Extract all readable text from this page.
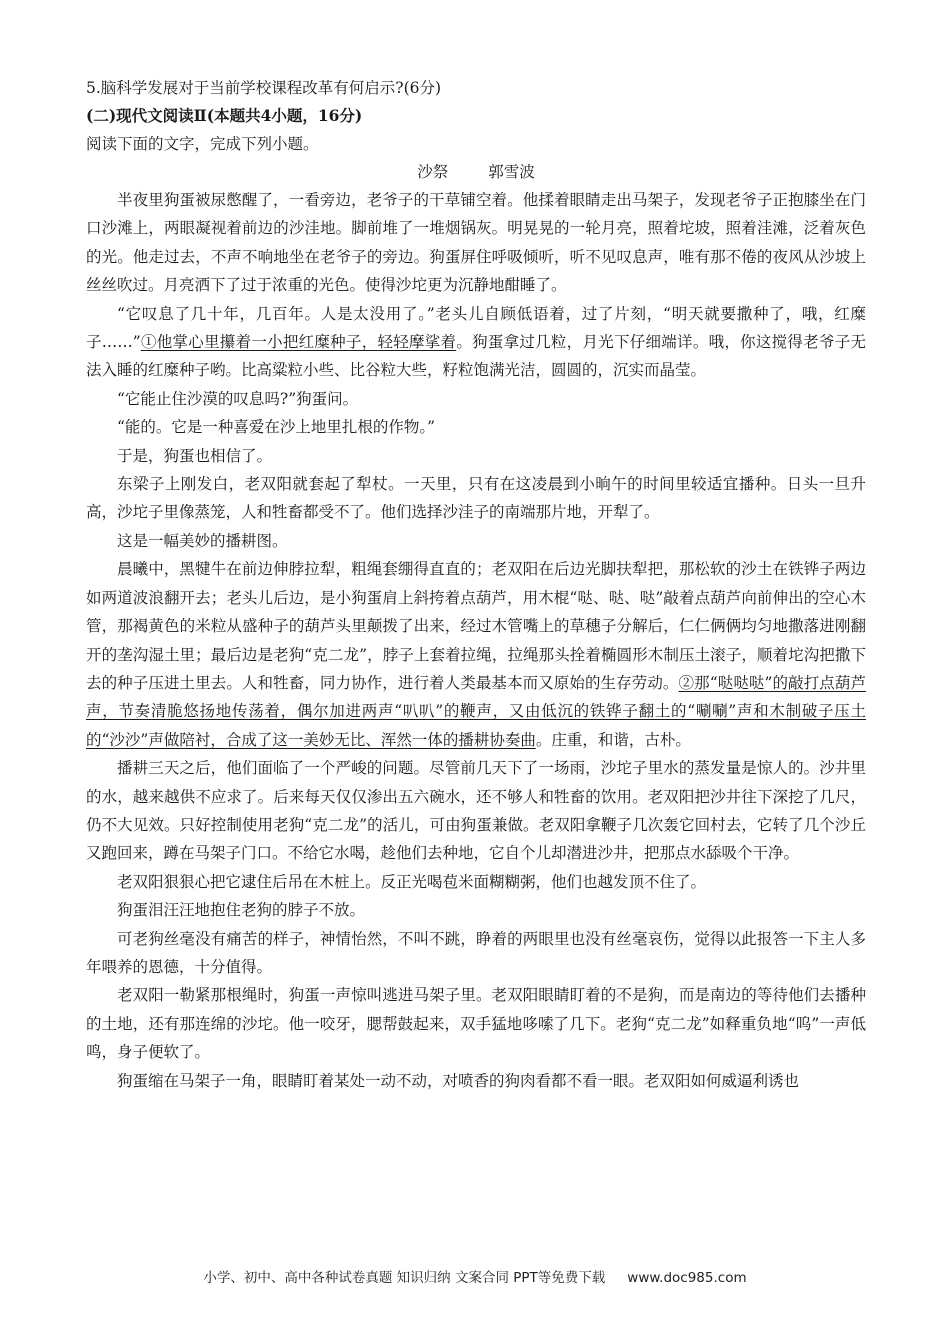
5.脑科学发展对于当前学校课程改革有何启示?(6分)

(二)现代文阅读Ⅱ(本题共4小题，16分)

阅读下面的文字，完成下列小题。

沙祭	郭雪波

半夜里狗蛋被尿憋醒了，一看旁边，老爷子的干草铺空着。他揉着眼睛走出马架子，发现老爷子正抱膝坐在门口沙滩上，两眼凝视着前边的沙洼地。脚前堆了一堆烟锅灰。明晃晃的一轮月亮，照着坨坡，照着洼滩，泛着灰色的光。他走过去，不声不响地坐在老爷子的旁边。狗蛋屏住呼吸倾听，听不见叹息声，唯有那不倦的夜风从沙坡上丝丝吹过。月亮洒下了过于浓重的光色。使得沙坨更为沉静地酣睡了。

“它叹息了几十年，几百年。人是太没用了。”老头儿自顾低语着，过了片刻，“明天就要撒种了，哦，红糜子……”①他掌心里攥着一小把红糜种子，轻轻摩挲着。狗蛋拿过几粒，月光下仔细端详。哦，你这搅得老爷子无法入睡的红糜种子哟。比高粱粒小些、比谷粒大些，籽粒饱满光洁，圆圆的，沉实而晶莹。

“它能止住沙漠的叹息吗?”狗蛋问。

“能的。它是一种喜爱在沙上地里扎根的作物。”

于是，狗蛋也相信了。

东梁子上刚发白，老双阳就套起了犁杖。一天里，只有在这凌晨到小晌午的时间里较适宜播种。日头一旦升高，沙坨子里像蒸笼，人和牲畜都受不了。他们选择沙洼子的南端那片地，开犁了。

这是一幅美妙的播耕图。

晨曦中，黑犍牛在前边伸脖拉犁，粗绳套绷得直直的；老双阳在后边光脚扶犁把，那松软的沙土在铁铧子两边如两道波浪翻开去；老头儿后边，是小狗蛋肩上斜挎着点葫芦，用木棍“哒、哒、哒”敲着点葫芦向前伸出的空心木管，那褐黄色的米粒从盛种子的葫芦头里颠拨了出来，经过木管嘴上的草穗子分解后，仁仁俩俩均匀地撒落进刚翻开的垄沟湿土里；最后边是老狗“克二龙”，脖子上套着拉绳，拉绳那头拴着椭圆形木制压土滚子，顺着坨沟把撒下去的种子压进土里去。人和牲畜，同力协作，进行着人类最基本而又原始的生存劳动。②那“哒哒哒”的敲打点葫芦声，节奏清脆悠扬地传荡着，偶尔加进两声“叭叭”的鞭声，又由低沉的铁铧子翻土的“唰唰”声和木制破子压土的“沙沙”声做陪衬，合成了这一美妙无比、浑然一体的播耕协奏曲。庄重，和谐，古朴。

播耕三天之后，他们面临了一个严峻的问题。尽管前几天下了一场雨，沙坨子里水的蒸发量是惊人的。沙井里的水，越来越供不应求了。后来每天仅仅渗出五六碗水，还不够人和牲畜的饮用。老双阳把沙井往下深挖了几尺，仍不大见效。只好控制使用老狗“克二龙”的活儿，可由狗蛋兼做。老双阳拿鞭子几次轰它回村去，它转了几个沙丘又跑回来，蹲在马架子门口。不给它水喝，趁他们去种地，它自个儿却潜进沙井，把那点水舔吸个干净。

老双阳狠狠心把它逮住后吊在木桩上。反正光喝苞米面糊糊粥，他们也越发顶不住了。

狗蛋泪汪汪地抱住老狗的脖子不放。

可老狗丝毫没有痛苦的样子，神情怡然，不叫不跳，睁着的两眼里也没有丝毫哀伤，觉得以此报答一下主人多年喂养的恩德，十分值得。

老双阳一勒紧那根绳时，狗蛋一声惊叫逃进马架子里。老双阳眼睛盯着的不是狗，而是南边的等待他们去播种的土地，还有那连绵的沙坨。他一咬牙，腮帮鼓起来，双手猛地哆嗦了几下。老狗“克二龙”如释重负地“呜”一声低鸣，身子便软了。

狗蛋缩在马架子一角，眼睛盯着某处一动不动，对喷香的狗肉看都不看一眼。老双阳如何威逼利诱也

小学、初中、高中各种试卷真题 知识归纳 文案合同 PPT等免费下载 www.doc985.com
